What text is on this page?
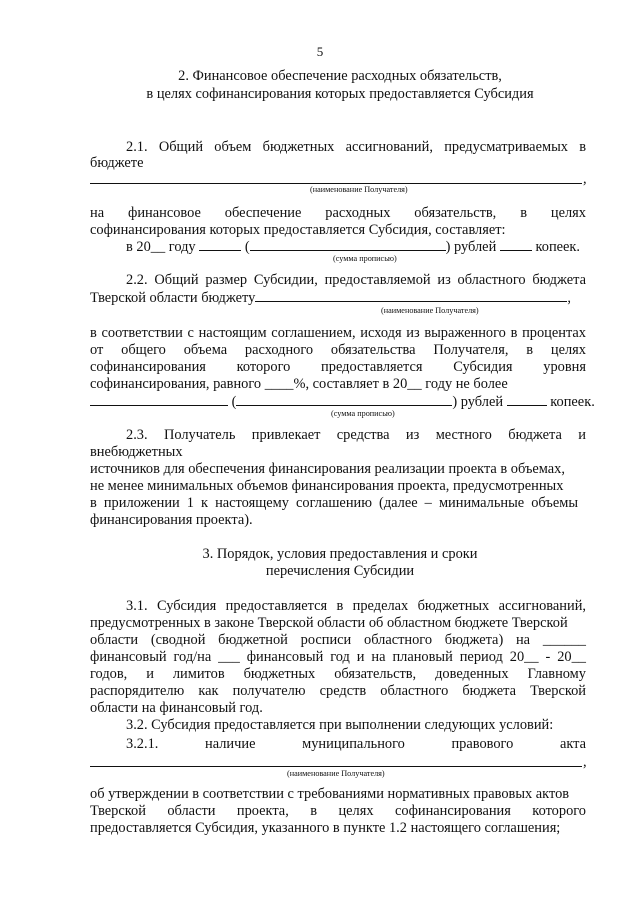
5
2. Финансовое обеспечение расходных обязательств,
в целях софинансирования которых предоставляется Субсидия
2.1. Общий объем бюджетных ассигнований, предусматриваемых в
бюджете
,
(наименование Получателя)
на финансовое обеспечение расходных обязательств, в целях
софинансирования которых предоставляется Субсидия, составляет:
в 20__ году	(	) рублей	копеек.
(сумма прописью)
2.2. Общий размер Субсидии, предоставляемой из областного бюджета
Тверской области бюджету	,
(наименование Получателя)
в соответствии с настоящим соглашением, исходя из выраженного в процентах
от общего объема расходного обязательства Получателя, в целях
софинансирования которого предоставляется Субсидия уровня
софинансирования, равного ____%, составляет в 20__ году не более
(	) рублей	копеек.
(сумма прописью)
2.3. Получатель привлекает средства из местного бюджета и
внебюджетных
источников для обеспечения финансирования реализации проекта в объемах,
не менее минимальных объемов финансирования проекта, предусмотренных
в приложении 1 к настоящему соглашению (далее – минимальные объемы
финансирования проекта).
3. Порядок, условия предоставления и сроки
перечисления Субсидии
3.1. Субсидия предоставляется в пределах бюджетных ассигнований,
предусмотренных в законе Тверской области об областном бюджете Тверской
области (сводной бюджетной росписи областного бюджета) на ______
финансовый год/на ___ финансовый год и на плановый период 20__ - 20__
годов, и лимитов бюджетных обязательств, доведенных Главному
распорядителю как получателю средств областного бюджета Тверской
области на финансовый год.
3.2. Субсидия предоставляется при выполнении следующих условий:
3.2.1. наличие муниципального правового акта
,
(наименование Получателя)
об утверждении в соответствии с требованиями нормативных правовых актов
Тверской области проекта, в целях софинансирования которого
предоставляется Субсидия, указанного в пункте 1.2 настоящего соглашения;
